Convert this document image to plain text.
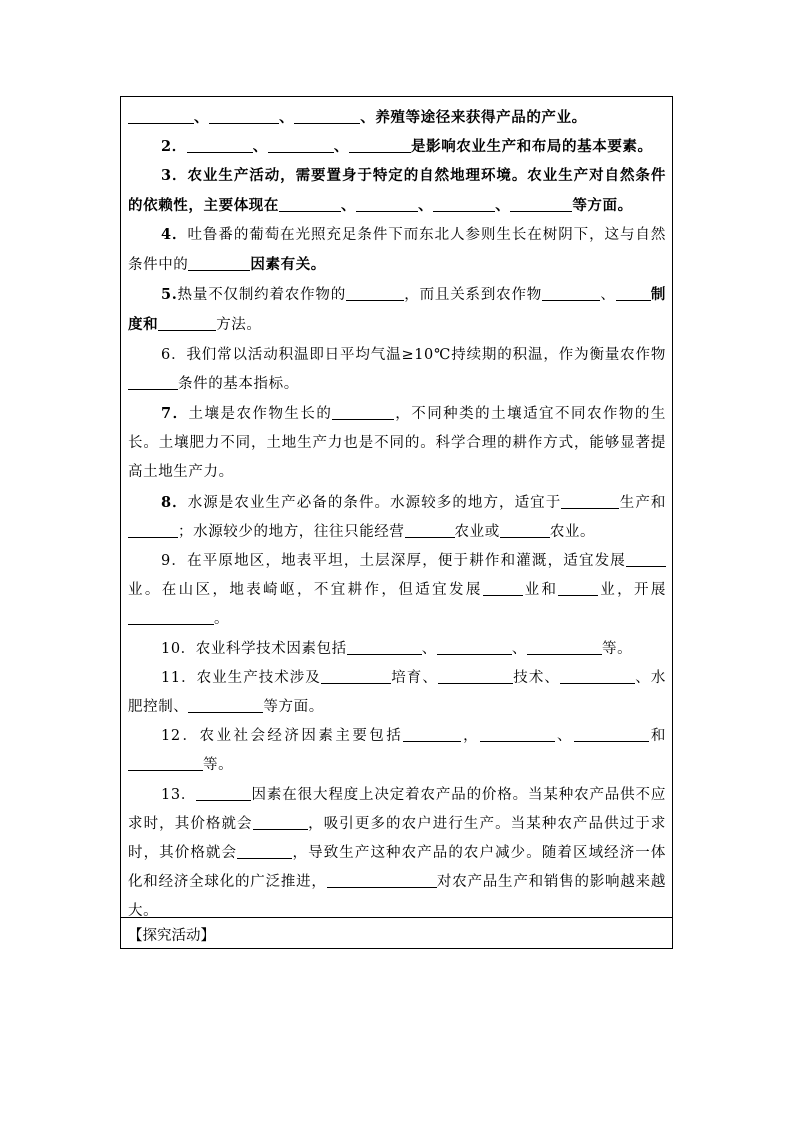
、	、	、养殖等途径来获得产品的产业。

2．	、	、	是影响农业生产和布局的基本要素。

3．农业生产活动，需要置身于特定的自然地理环境。农业生产对自然条件的依赖性，主要体现在	、	、	、	等方面。

4．吐鲁番的葡萄在光照充足条件下而东北人参则生长在树阴下，这与自然条件中的	因素有关。

5.热量不仅制约着农作物的	，而且关系到农作物	、 制度和	方法。

6．我们常以活动积温即日平均气温≥10℃持续期的积温，作为衡量农作物条件的基本指标。

7．土壤是农作物生长的	，不同种类的土壤适宜不同农作物的生长。土壤肥力不同，土地生产力也是不同的。科学合理的耕作方式，能够显著提高土地生产力。

8．水源是农业生产必备的条件。水源较多的地方，适宜于	生产和；水源较少的地方，往往只能经营	农业或	农业。

9．在平原地区，地表平坦，土层深厚，便于耕作和灌溉，适宜发展业。在山区，地表崎岖，不宜耕作，但适宜发展	业和	业，开展。

10．农业科学技术因素包括	、	、	等。

11．农业生产技术涉及	培育、	技术、	、水肥控制、	等方面。

12．农业社会经济因素主要包括	，	、	和等。

13．	因素在很大程度上决定着农产品的价格。当某种农产品供不应求时，其价格就会	，吸引更多的农户进行生产。当某种农产品供过于求时，其价格就会	，导致生产这种农产品的农户减少。随着区域经济一体化和经济全球化的广泛推进，	对农产品生产和销售的影响越来越大。

【探究活动】
